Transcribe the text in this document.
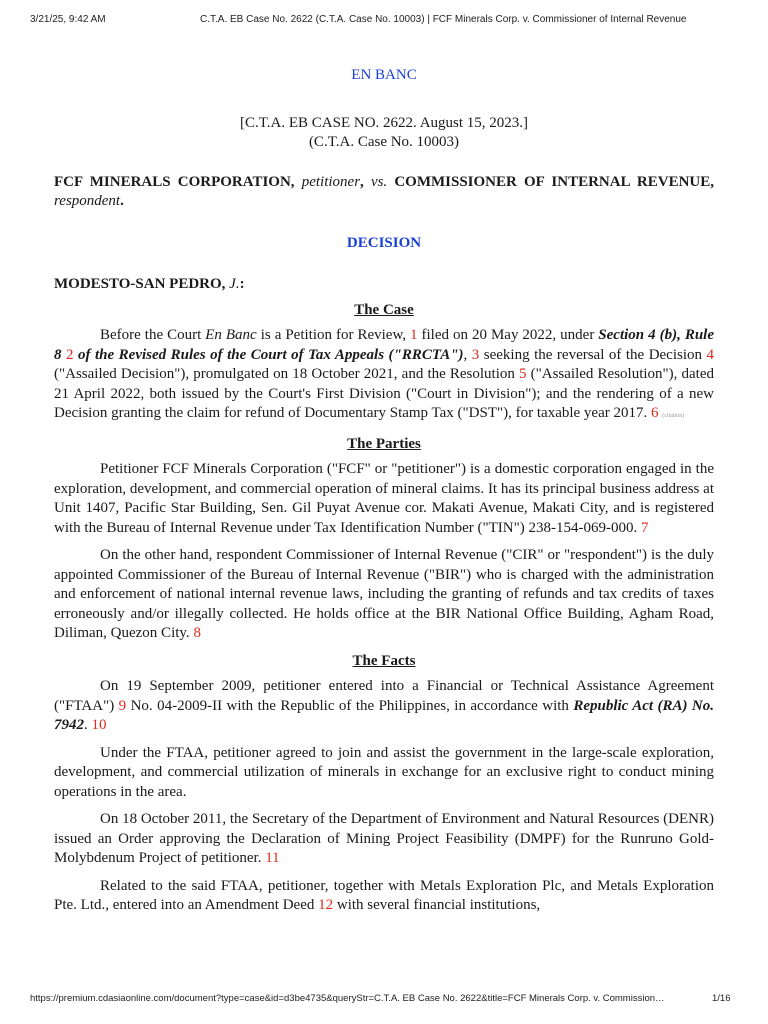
3/21/25, 9:42 AM	C.T.A. EB Case No. 2622 (C.T.A. Case No. 10003) | FCF Minerals Corp. v. Commissioner of Internal Revenue
EN BANC
[C.T.A. EB CASE NO. 2622. August 15, 2023.]
(C.T.A. Case No. 10003)
FCF MINERALS CORPORATION, petitioner, vs. COMMISSIONER OF INTERNAL REVENUE, respondent.
DECISION
MODESTO-SAN PEDRO, J.:
The Case

Before the Court En Banc is a Petition for Review, 1 filed on 20 May 2022, under Section 4 (b), Rule 8 2 of the Revised Rules of the Court of Tax Appeals ("RRCTA"), 3 seeking the reversal of the Decision 4 ("Assailed Decision"), promulgated on 18 October 2021, and the Resolution 5 ("Assailed Resolution"), dated 21 April 2022, both issued by the Court's First Division ("Court in Division"); and the rendering of a new Decision granting the claim for refund of Documentary Stamp Tax ("DST"), for taxable year 2017. 6 (citation)

The Parties

Petitioner FCF Minerals Corporation ("FCF" or "petitioner") is a domestic corporation engaged in the exploration, development, and commercial operation of mineral claims. It has its principal business address at Unit 1407, Pacific Star Building, Sen. Gil Puyat Avenue cor. Makati Avenue, Makati City, and is registered with the Bureau of Internal Revenue under Tax Identification Number ("TIN") 238-154-069-000. 7

On the other hand, respondent Commissioner of Internal Revenue ("CIR" or "respondent") is the duly appointed Commissioner of the Bureau of Internal Revenue ("BIR") who is charged with the administration and enforcement of national internal revenue laws, including the granting of refunds and tax credits of taxes erroneously and/or illegally collected. He holds office at the BIR National Office Building, Agham Road, Diliman, Quezon City. 8

The Facts

On 19 September 2009, petitioner entered into a Financial or Technical Assistance Agreement ("FTAA") 9 No. 04-2009-II with the Republic of the Philippines, in accordance with Republic Act (RA) No. 7942. 10

Under the FTAA, petitioner agreed to join and assist the government in the large-scale exploration, development, and commercial utilization of minerals in exchange for an exclusive right to conduct mining operations in the area.

On 18 October 2011, the Secretary of the Department of Environment and Natural Resources (DENR) issued an Order approving the Declaration of Mining Project Feasibility (DMPF) for the Runruno Gold-Molybdenum Project of petitioner. 11

Related to the said FTAA, petitioner, together with Metals Exploration Plc, and Metals Exploration Pte. Ltd., entered into an Amendment Deed 12 with several financial institutions,

https://premium.cdasiaonline.com/document?type=case&id=d3be4735&queryStr=C.T.A. EB Case No. 2622&title=FCF Minerals Corp. v. Commission…	1/16
